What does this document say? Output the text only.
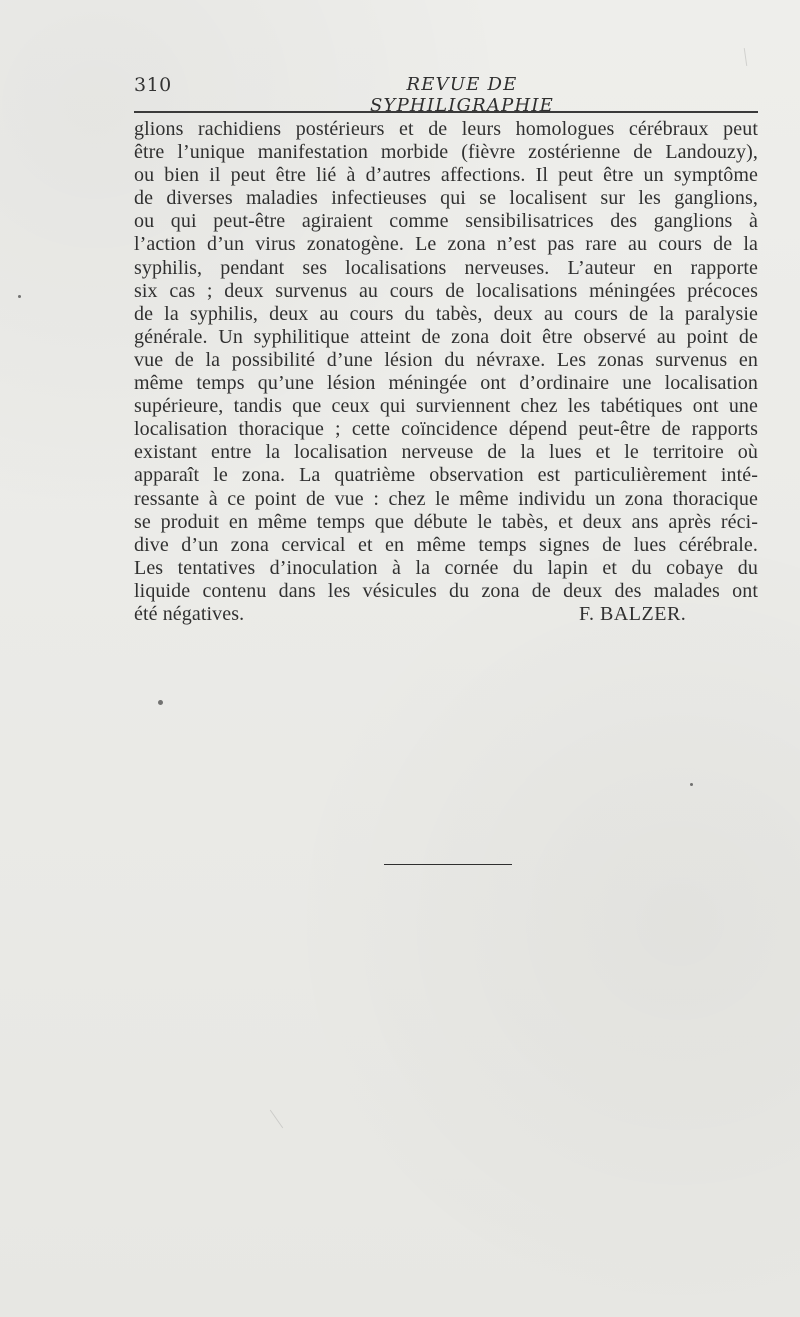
310	REVUE DE SYPHILIGRAPHIE
glions rachidiens postérieurs et de leurs homologues cérébraux peut
être l’unique manifestation morbide (fièvre zostérienne de Landouzy),
ou bien il peut être lié à d’autres affections. Il peut être un symptôme
de diverses maladies infectieuses qui se localisent sur les ganglions,
ou qui peut-être agiraient comme sensibilisatrices des ganglions à
l’action d’un virus zonatogène. Le zona n’est pas rare au cours de la
syphilis, pendant ses localisations nerveuses. L’auteur en rapporte
six cas ; deux survenus au cours de localisations méningées précoces
de la syphilis, deux au cours du tabès, deux au cours de la paralysie
générale. Un syphilitique atteint de zona doit être observé au point de
vue de la possibilité d’une lésion du névraxe. Les zonas survenus en
même temps qu’une lésion méningée ont d’ordinaire une localisation
supérieure, tandis que ceux qui surviennent chez les tabétiques ont une
localisation thoracique ; cette coïncidence dépend peut-être de rapports
existant entre la localisation nerveuse de la lues et le territoire où
apparaît le zona. La quatrième observation est particulièrement inté-
ressante à ce point de vue : chez le même individu un zona thoracique
se produit en même temps que débute le tabès, et deux ans après réci-
dive d’un zona cervical et en même temps signes de lues cérébrale.
Les tentatives d’inoculation à la cornée du lapin et du cobaye du
liquide contenu dans les vésicules du zona de deux des malades ont
été négatives.	F. BALZER.
